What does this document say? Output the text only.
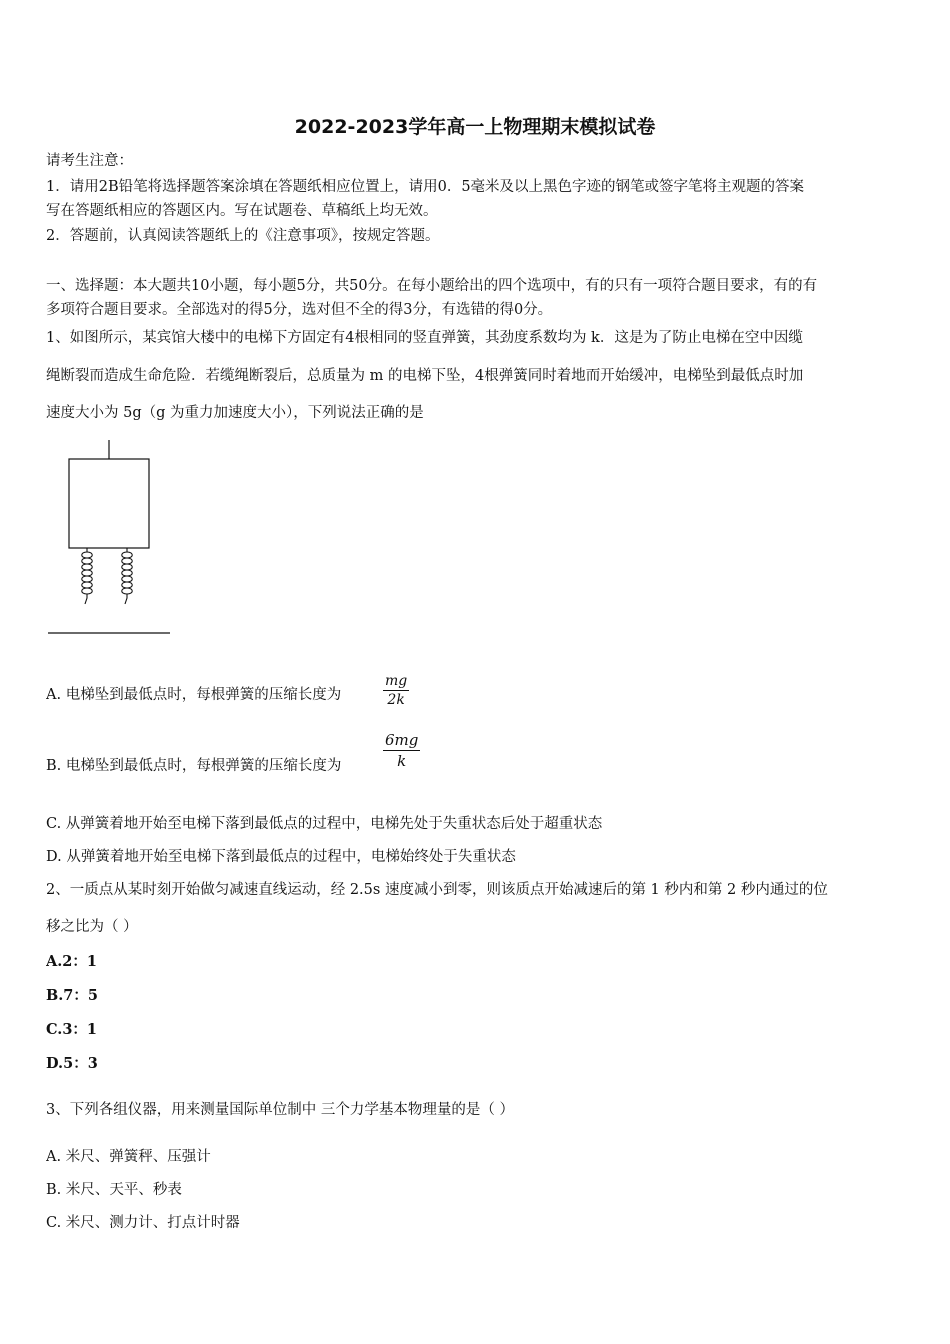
2022-2023学年高一上物理期末模拟试卷
请考生注意：
1．请用2B铅笔将选择题答案涂填在答题纸相应位置上，请用0．5毫米及以上黑色字迹的钢笔或签字笔将主观题的答案
写在答题纸相应的答题区内。写在试题卷、草稿纸上均无效。
2．答题前，认真阅读答题纸上的《注意事项》，按规定答题。
一、选择题：本大题共10小题，每小题5分，共50分。在每小题给出的四个选项中，有的只有一项符合题目要求，有的有
多项符合题目要求。全部选对的得5分，选对但不全的得3分，有选错的得0分。
1、如图所示，某宾馆大楼中的电梯下方固定有4根相同的竖直弹簧，其劲度系数均为 k．这是为了防止电梯在空中因缆
绳断裂而造成生命危险．若缆绳断裂后，总质量为 m 的电梯下坠，4根弹簧同时着地而开始缓冲，电梯坠到最低点时加
速度大小为 5g（g 为重力加速度大小），下列说法正确的是
A. 电梯坠到最低点时，每根弹簧的压缩长度为
mg
2k
B. 电梯坠到最低点时，每根弹簧的压缩长度为
6mg
k
C. 从弹簧着地开始至电梯下落到最低点的过程中，电梯先处于失重状态后处于超重状态
D. 从弹簧着地开始至电梯下落到最低点的过程中，电梯始终处于失重状态
2、一质点从某时刻开始做匀减速直线运动，经 2.5s 速度减小到零，则该质点开始减速后的第 1 秒内和第 2 秒内通过的位
移之比为（ ）
A.2：1
B.7：5
C.3：1
D.5：3
3、下列各组仪器，用来测量国际单位制中 三个力学基本物理量的是（ ）
A. 米尺、弹簧秤、压强计
B. 米尺、天平、秒表
C. 米尺、测力计、打点计时器
